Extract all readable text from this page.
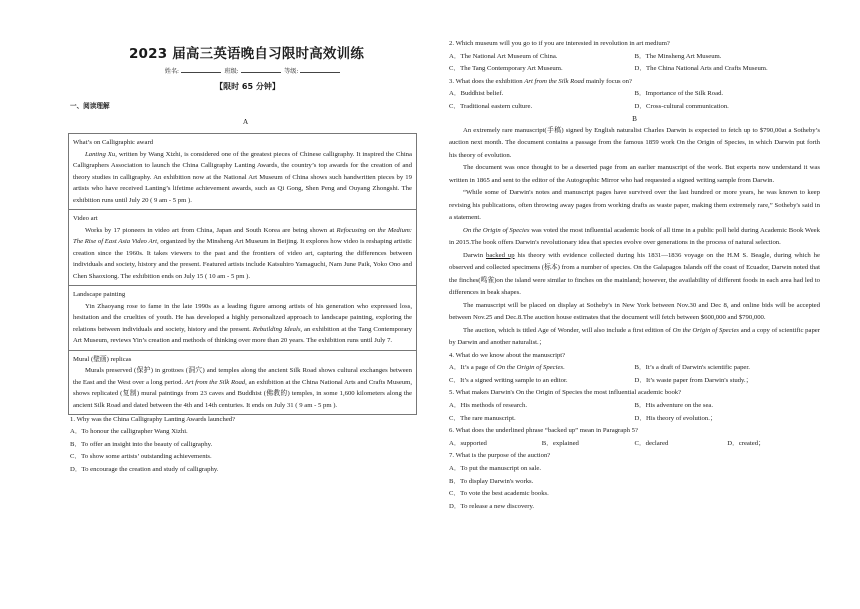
2023 届高三英语晚自习限时高效训练
姓名:	班级:	等级:
【限时 65 分钟】
一、阅读理解
A
What’s on Calligraphic award

Lanting Xu, written by Wang Xizhi, is considered one of the greatest pieces of Chinese calligraphy. It inspired the China Calligraphers Association to launch the China Calligraphy Lanting Awards, the country’s top awards for the creation of and theory studies in calligraphy. An exhibition now at the National Art Museum of China shows such handwritten pieces by 19 artists who have received Lanting’s lifetime achievement awards, such as Qi Gong, Shen Peng and Ouyang Zhongshi. The exhibition runs until July 20 ( 9 am - 5 pm ).

Video art

Works by 17 pioneers in video art from China, Japan and South Korea are being shown at Refocusing on the Medium: The Rise of East Asia Video Art, organized by the Minsheng Art Museum in Beijing. It explores how video is reshaping artistic creation since the 1960s. It takes viewers to the past and the frontiers of video art, capturing the differences between individuals and society, history and the present. Featured artists include Katsuhiro Yamaguchi, Nam June Paik, Yoko Ono and Chen Shaoxiong. The exhibition ends on July 15 ( 10 am - 5 pm ).

Landscape painting

Yin Zhaoyang rose to fame in the late 1990s as a leading figure among artists of his generation who expressed loss, hesitation and the cruelties of youth. He has developed a highly personalized approach to landscape painting, exploring the relations between individuals and society, history and the present. Rebuilding Ideals, an exhibition at the Tang Contemporary Art Museum, reviews Yin’s creation and methods of thinking over more than 20 years. The exhibition runs until July 7.

Mural (壁画) replicas

Murals preserved (保护) in grottoes (洞穴) and temples along the ancient Silk Road shows cultural exchanges between the East and the West over a long period. Art from the Silk Road, an exhibition at the China National Arts and Crafts Museum, shows replicated (复制) mural paintings from 23 caves and Buddhist (佛教的) temples, in some 1,600 kilometers along the ancient Silk Road and dated between the 4th and 14th centuries. It ends on July 31 ( 9 am - 5 pm ).

1. Why was the China Calligraphy Lanting Awards launched?
A．To honour the calligrapher Wang Xizhi.
B．To offer an insight into the beauty of calligraphy.
C．To show some artists’ outstanding achievements.
D．To encourage the creation and study of calligraphy.
2. Which museum will you go to if you are interested in revolution in art medium?
A．The National Art Museum of China.	B．The Minsheng Art Museum.
C．The Tang Contemporary Art Museum.	D．The China National Arts and Crafts Museum.
3. What does the exhibition Art from the Silk Road mainly focus on?
A．Buddhist belief.	B．Importance of the Silk Road.
C．Traditional eastern culture.	D．Cross-cultural communication.
B

An extremely rare manuscript(手稿) signed by English naturalist Charles Darwin is expected to fetch up to $790,00at a Sotheby’s auction next month. The document contains a passage from the famous 1859 work On the Origin of Species, in which Darwin put forth his theory of evolution.

The document was once thought to be a deserted page from an earlier manuscript of the work. But experts now understand it was written in 1865 and sent to the editor of the Autographic Mirror who had requested a signed writing sample from Darwin.

“While some of Darwin's notes and manuscript pages have survived over the last hundred or more years, he was known to keep revising his publications, often throwing away pages from working drafts as waste paper, making them extremely rare,” Sotheby's said in a statement.

On the Origin of Species was voted the most influential academic book of all time in a public poll held during Academic Book Week in 2015.The book offers Darwin's revolutionary idea that species evolve over generations in the process of natural selection.

Darwin backed up his theory with evidence collected during his 1831—1836 voyage on the H.M S. Beagle, during which he observed and collected specimens (标本) from a number of species. On the Galapagos Islands off the coast of Ecuador, Darwin noted that the finches(鸣雀)on the island were similar to finches on the mainland; however, the availability of different foods in each area had led to differences in beak shapes.

The manuscript will be placed on display at Sotheby's in New York between Nov.30 and Dec 8, and online bids will be accepted between Nov.25 and Dec.8.The auction house estimates that the document will fetch between $600,000 and $790,000.

The auction, which is titled Age of Wonder, will also include a first edition of On the Origin of Species and a copy of scientific paper by Darwin and another naturalist.；

4. What do we know about the manuscript?
A．It’s a page of On the Origin of Species.	B．It’s a draft of Darwin's scientific paper.
C．It’s a signed writing sample to an editor.	D．It’s waste paper from Darwin's study.；
5. What makes Darwin's On the Origin of Species the most influential academic book?
A．His methods of research.	B．His adventure on the sea.
C．The rare manuscript.	D．His theory of evolution.；
6. What does the underlined phrase “backed up” mean in Paragraph 5?
A．supported	B．explained	C．declared	D．created；
7. What is the purpose of the auction?
A．To put the manuscript on sale.
B．To display Darwin's works.
C．To vote the best academic books.
D．To release a new discovery.
